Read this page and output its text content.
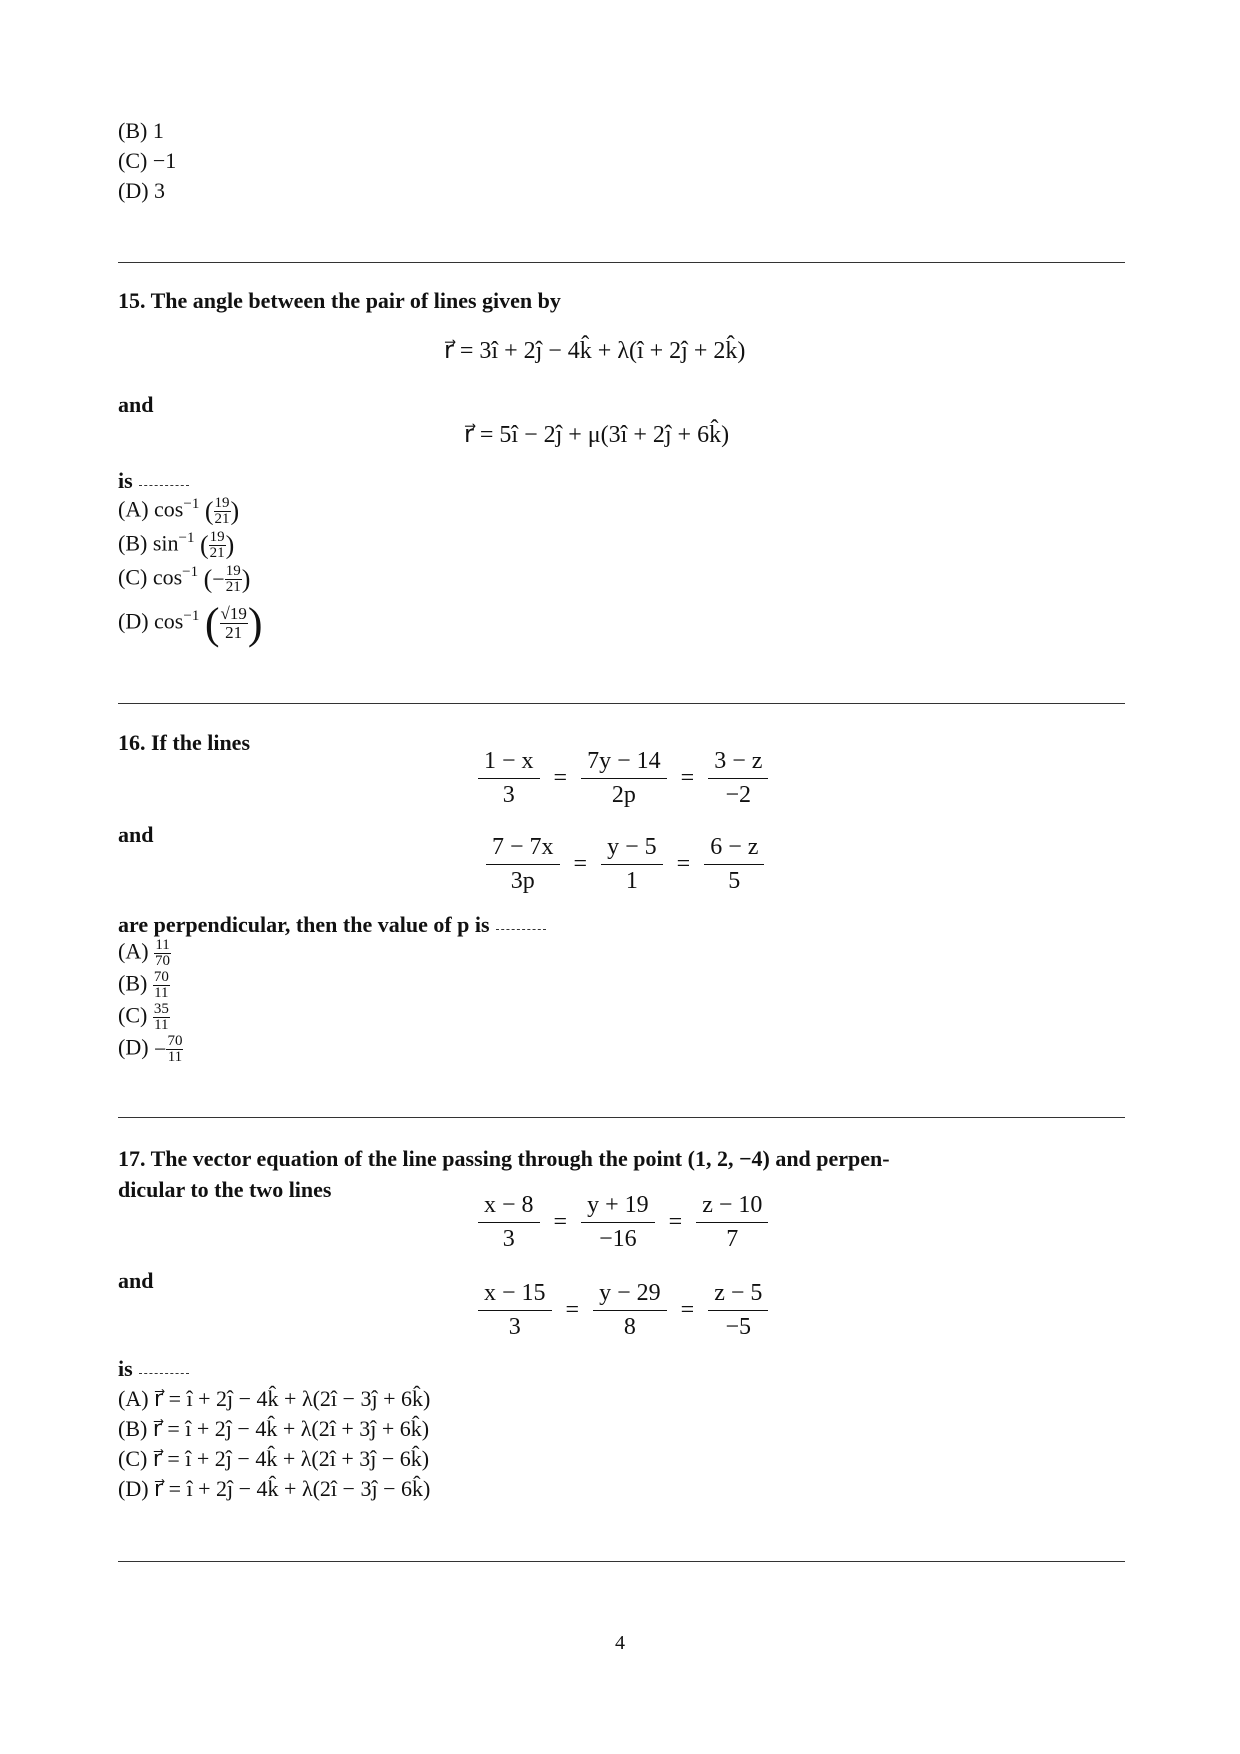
(B) 1
(C) −1
(D) 3
15. The angle between the pair of lines given by
r⃗ = 3î + 2ĵ − 4k̂ + λ(î + 2ĵ + 2k̂)
and
r⃗ = 5î − 2ĵ + μ(3î + 2ĵ + 6k̂)
is
(A) $\cos^{-1}$ ( $\frac{19}{21}$ )
(B) $\sin^{-1}$ ( $\frac{19}{21}$ )
(C) $\cos^{-1}$ (− $\frac{19}{21}$ )
(D) $\cos^{-1}$ ( $\frac{√19}{21}$ )
16. If the lines
$\frac{1 - x}{3} = \frac{7y - 14}{2p} = \frac{3 - z}{-2}$
and	$\frac{7 - 7x}{3p} = \frac{y - 5}{1} = \frac{6 - z}{5}$
are perpendicular, then the value of p is
$(A) \frac{11}{70}$
$(B) \frac{70}{11}$
$(C) \frac{35}{11}$
$(D) - \frac{70}{11}$
17. The vector equation of the line passing through the point (1, 2, −4) and perpen-
dicular to the two lines
$\frac{x - 8}{3} = \frac{y + 19}{-16} = \frac{z - 10}{7}$
and	$\frac{x - 15}{3} = \frac{y - 29}{8} = \frac{z - 5}{-5}$
is
(A) r⃗ = î + 2ĵ − 4k̂ + λ(2î − 3ĵ + 6k̂)
(B) r⃗ = î + 2ĵ − 4k̂ + λ(2î + 3ĵ + 6k̂)
(C) r⃗ = î + 2ĵ − 4k̂ + λ(2î + 3ĵ − 6k̂)
(D) r⃗ = î + 2ĵ − 4k̂ + λ(2î − 3ĵ − 6k̂)
4
